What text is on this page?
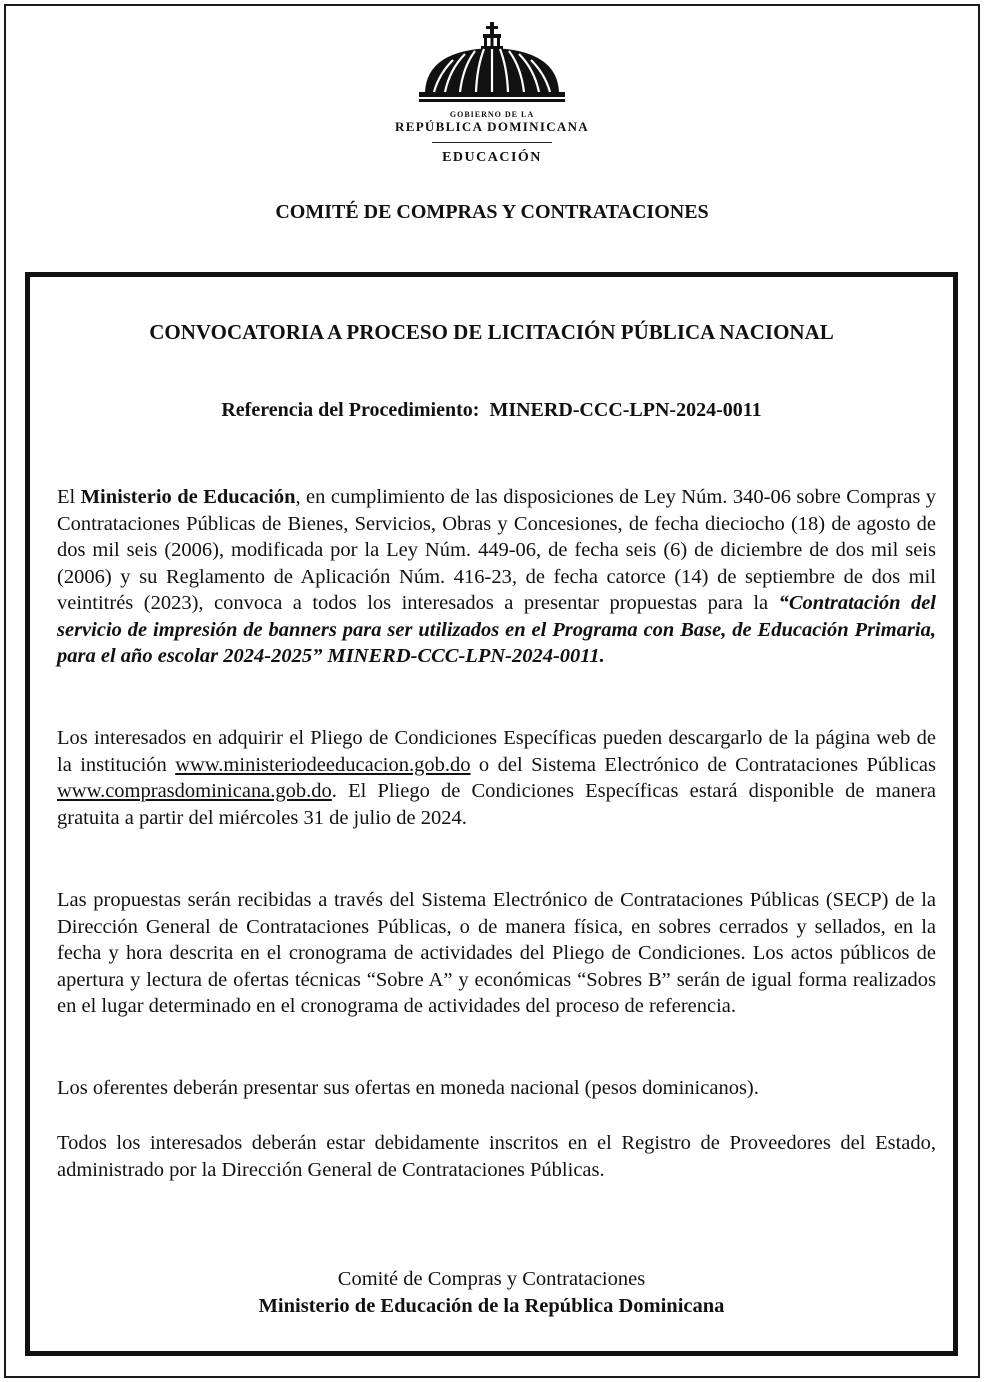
GOBIERNO DE LA
REPÚBLICA DOMINICANA
EDUCACIÓN
COMITÉ DE COMPRAS Y CONTRATACIONES
CONVOCATORIA A PROCESO DE LICITACIÓN PÚBLICA NACIONAL
Referencia del Procedimiento: MINERD-CCC-LPN-2024-0011
El Ministerio de Educación, en cumplimiento de las disposiciones de Ley Núm. 340-06 sobre Compras y Contrataciones Públicas de Bienes, Servicios, Obras y Concesiones, de fecha dieciocho (18) de agosto de dos mil seis (2006), modificada por la Ley Núm. 449-06, de fecha seis (6) de diciembre de dos mil seis (2006) y su Reglamento de Aplicación Núm. 416-23, de fecha catorce (14) de septiembre de dos mil veintitrés (2023), convoca a todos los interesados a presentar propuestas para la “Contratación del servicio de impresión de banners para ser utilizados en el Programa con Base, de Educación Primaria, para el año escolar 2024-2025” MINERD-CCC-LPN-2024-0011.
Los interesados en adquirir el Pliego de Condiciones Específicas pueden descargarlo de la página web de la institución www.ministeriodeeducacion.gob.do o del Sistema Electrónico de Contrataciones Públicas www.comprasdominicana.gob.do. El Pliego de Condiciones Específicas estará disponible de manera gratuita a partir del miércoles 31 de julio de 2024.
Las propuestas serán recibidas a través del Sistema Electrónico de Contrataciones Públicas (SECP) de la Dirección General de Contrataciones Públicas, o de manera física, en sobres cerrados y sellados, en la fecha y hora descrita en el cronograma de actividades del Pliego de Condiciones. Los actos públicos de apertura y lectura de ofertas técnicas “Sobre A” y económicas “Sobres B” serán de igual forma realizados en el lugar determinado en el cronograma de actividades del proceso de referencia.
Los oferentes deberán presentar sus ofertas en moneda nacional (pesos dominicanos).
Todos los interesados deberán estar debidamente inscritos en el Registro de Proveedores del Estado, administrado por la Dirección General de Contrataciones Públicas.
Comité de Compras y Contrataciones
Ministerio de Educación de la República Dominicana
